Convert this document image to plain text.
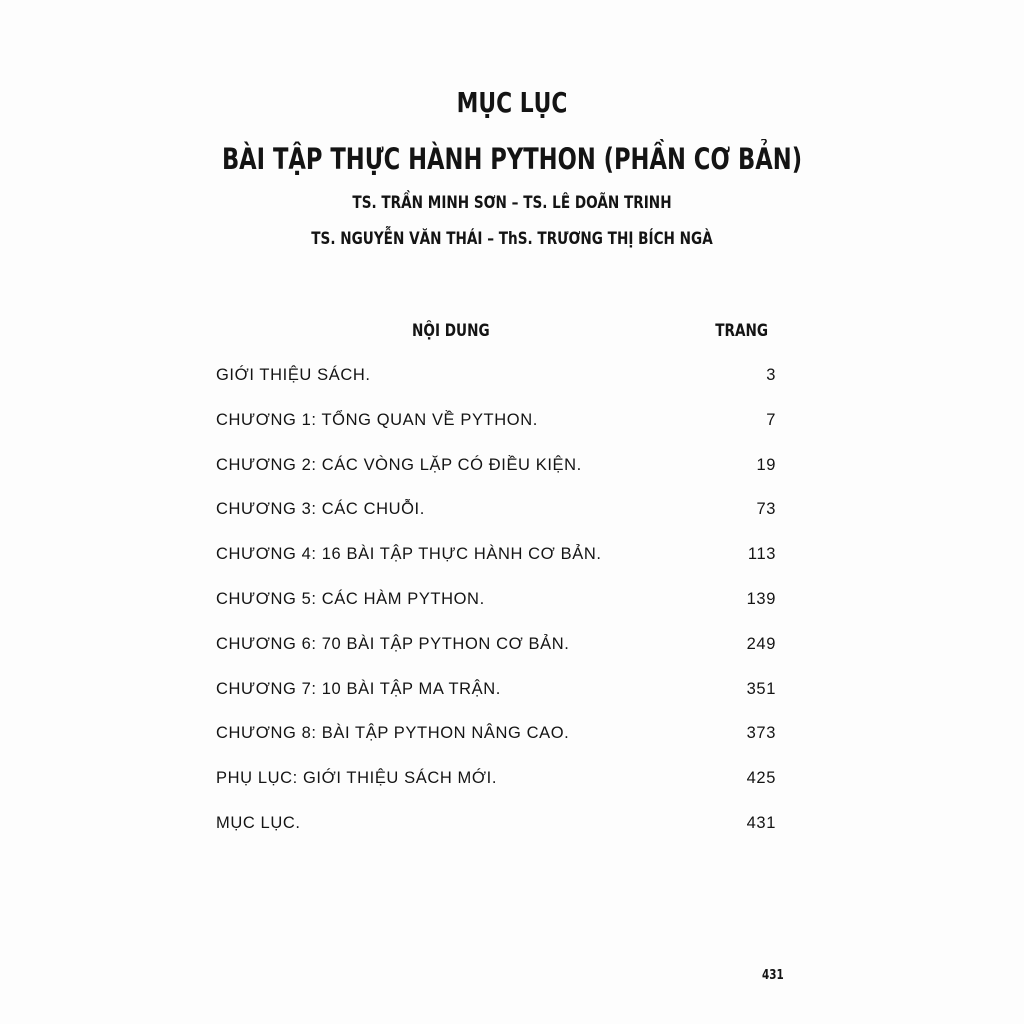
MỤC LỤC
BÀI TẬP THỰC HÀNH PYTHON (PHẦN CƠ BẢN)
TS. TRẦN MINH SƠN – TS. LÊ DOÃN TRINH
TS. NGUYỄN VĂN THÁI – ThS. TRƯƠNG THỊ BÍCH NGÀ
NỘI DUNG	TRANG
GIỚI THIỆU SÁCH.	3
CHƯƠNG 1: TỔNG QUAN VỀ PYTHON.	7
CHƯƠNG 2: CÁC VÒNG LẶP CÓ ĐIỀU KIỆN.	19
CHƯƠNG 3: CÁC CHUỖI.	73
CHƯƠNG 4: 16 BÀI TẬP THỰC HÀNH CƠ BẢN.	113
CHƯƠNG 5: CÁC HÀM PYTHON.	139
CHƯƠNG 6: 70 BÀI TẬP PYTHON CƠ BẢN.	249
CHƯƠNG 7: 10 BÀI TẬP MA TRẬN.	351
CHƯƠNG 8: BÀI TẬP PYTHON NÂNG CAO.	373
PHỤ LỤC: GIỚI THIỆU SÁCH MỚI.	425
MỤC LỤC.	431
431
